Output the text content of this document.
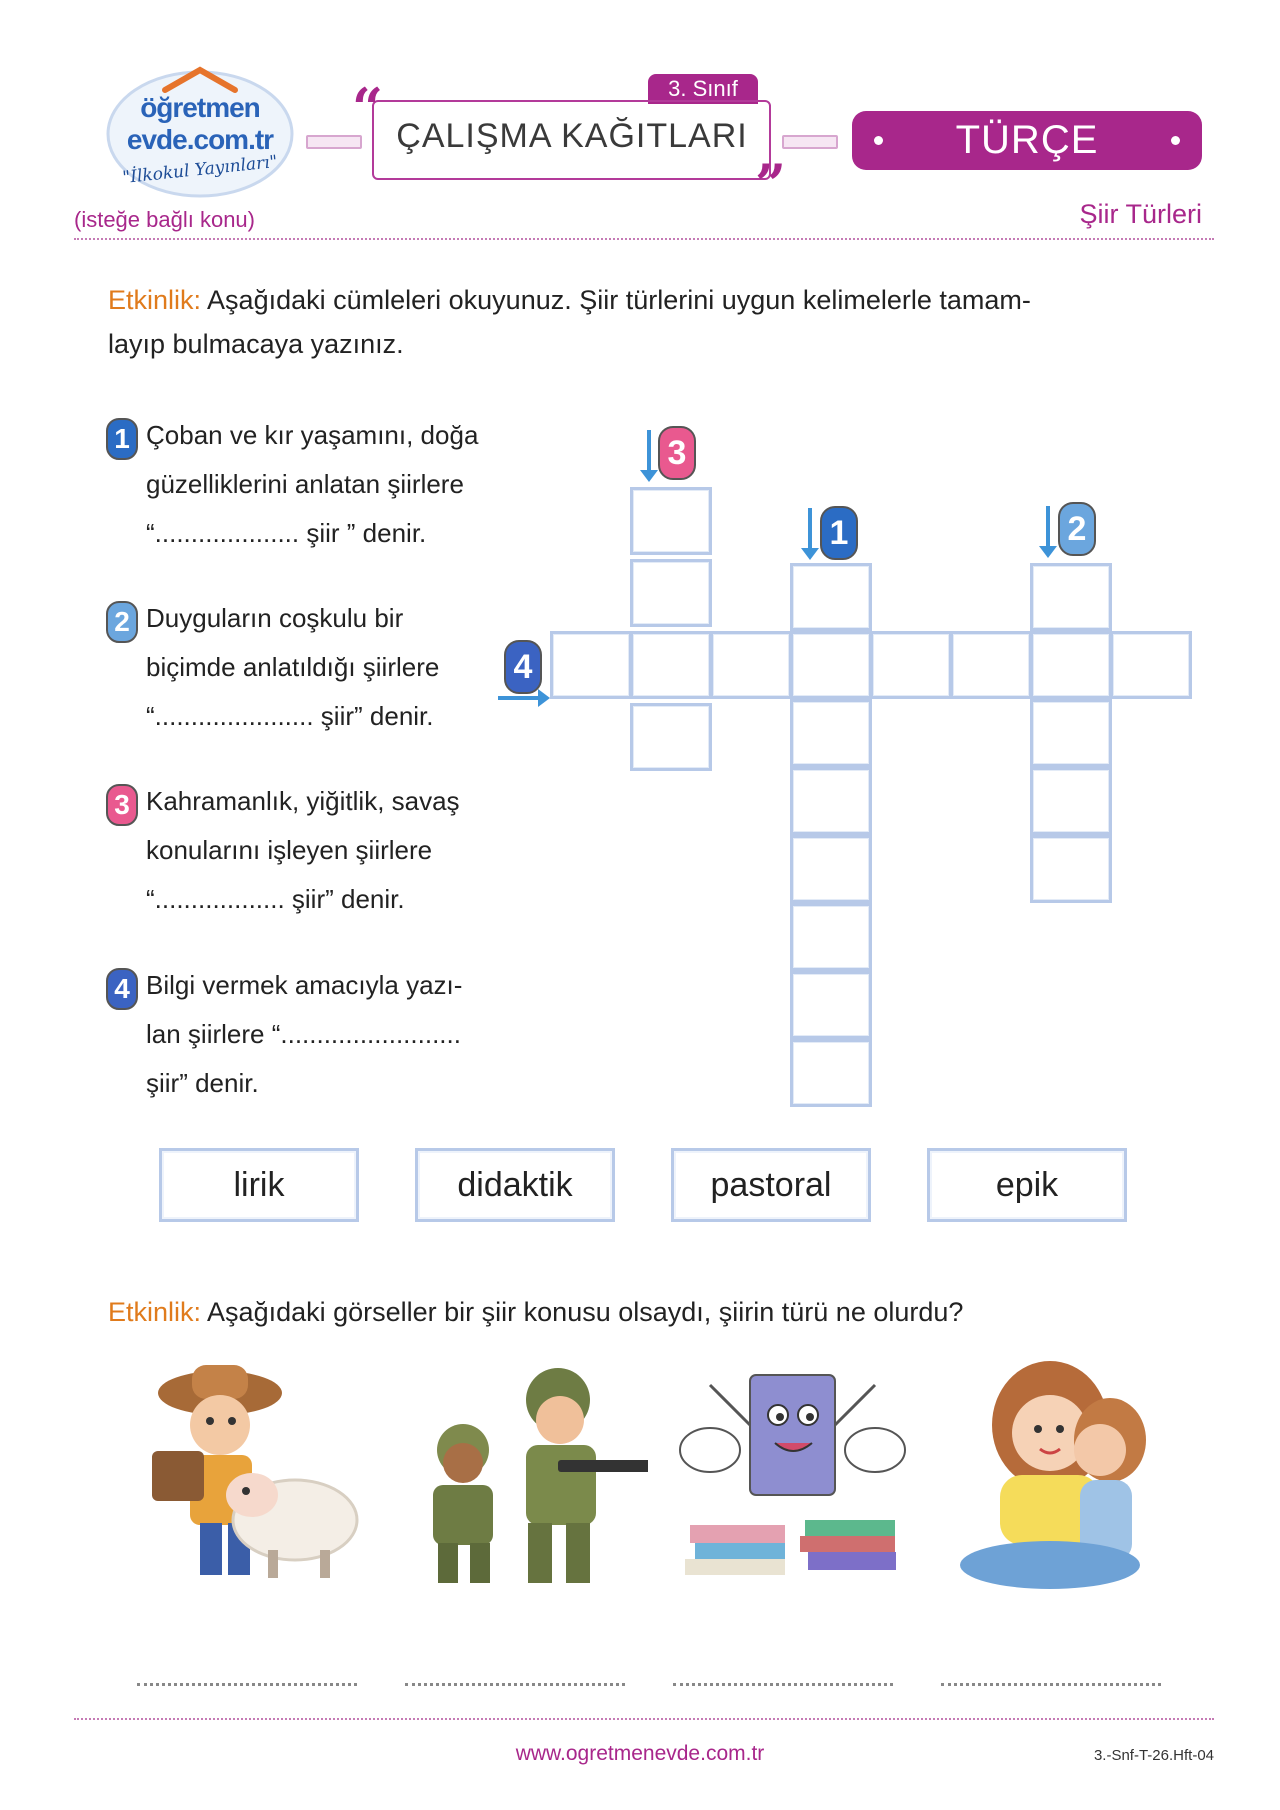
öğretmen evde.com.tr
"İlkokul Yayınları"
3. Sınıf
“
”
ÇALIŞMA KAĞITLARI	TÜRÇE
(isteğe bağlı konu)	Şiir Türleri
Etkinlik: Aşağıdaki cümleleri okuyunuz. Şiir türlerini uygun kelimelerle tamam-
layıp bulmacaya yazınız.
1 Çoban ve kır yaşamını, doğa
güzelliklerini anlatan şiirlere
“.................... şiir ” denir.
2 Duyguların coşkulu bir
biçimde anlatıldığı şiirlere
“...................... şiir” denir.
3 Kahramanlık, yiğitlik, savaş
konularını işleyen şiirlere
“.................. şiir” denir.
4 Bilgi vermek amacıyla yazı-
lan şiirlere “.........................
şiir” denir.
3
1	2
4
lirik	didaktik	pastoral	epik
Etkinlik: Aşağıdaki görseller bir şiir konusu olsaydı, şiirin türü ne olurdu?
www.ogretmenevde.com.tr	3.-Snf-T-26.Hft-04
